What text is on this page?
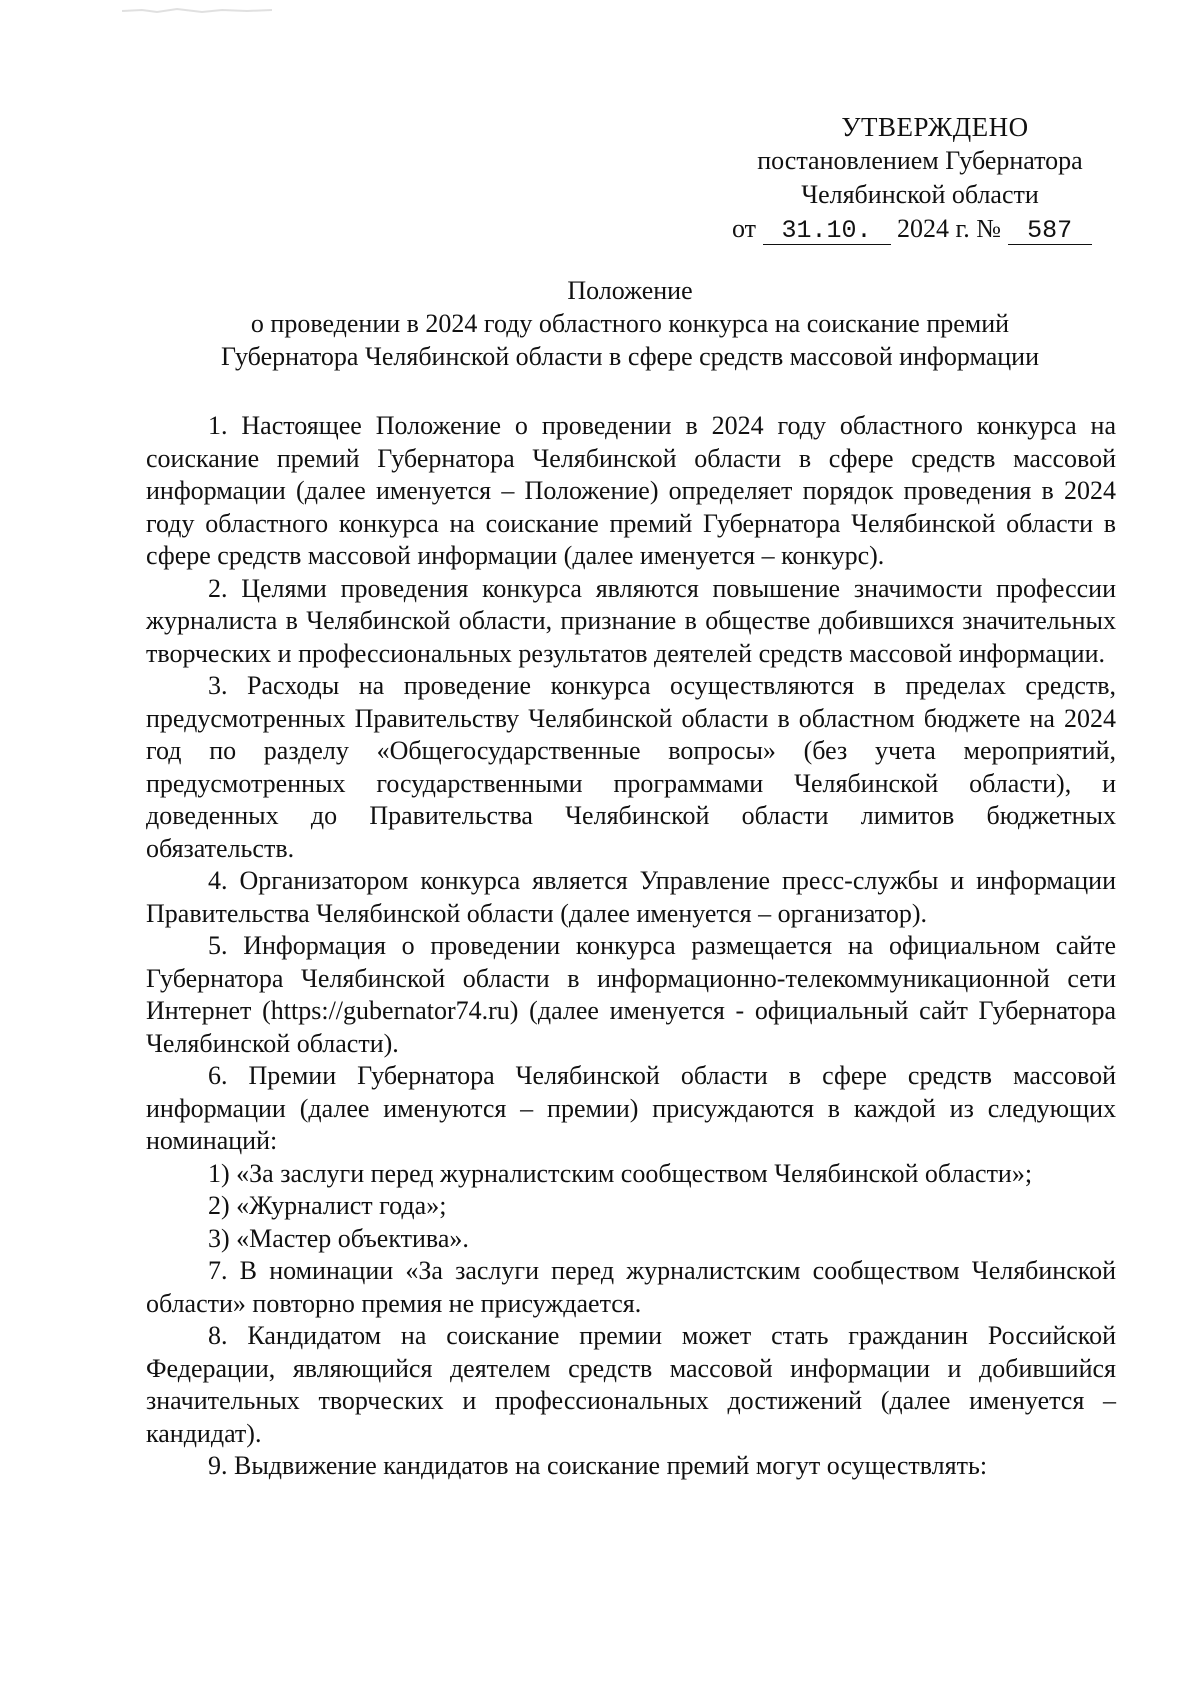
УТВЕРЖДЕНО
постановлением Губернатора
Челябинской области
от 31.10. 2024 г. № 587
Положение
о проведении в 2024 году областного конкурса на соискание премий
Губернатора Челябинской области в сфере средств массовой информации

1. Настоящее Положение о проведении в 2024 году областного конкурса на соискание премий Губернатора Челябинской области в сфере средств массовой информации (далее именуется – Положение) определяет порядок проведения в 2024 году областного конкурса на соискание премий Губернатора Челябинской области в сфере средств массовой информации (далее именуется – конкурс).

2. Целями проведения конкурса являются повышение значимости профессии журналиста в Челябинской области, признание в обществе добившихся значительных творческих и профессиональных результатов деятелей средств массовой информации.

3. Расходы на проведение конкурса осуществляются в пределах средств, предусмотренных Правительству Челябинской области в областном бюджете на 2024 год по разделу «Общегосударственные вопросы» (без учета мероприятий, предусмотренных государственными программами Челябинской области), и доведенных до Правительства Челябинской области лимитов бюджетных обязательств.

4. Организатором конкурса является Управление пресс-службы и информации Правительства Челябинской области (далее именуется – организатор).

5. Информация о проведении конкурса размещается на официальном сайте Губернатора Челябинской области в информационно-телекоммуникационной сети Интернет (https://gubernator74.ru) (далее именуется - официальный сайт Губернатора Челябинской области).

6. Премии Губернатора Челябинской области в сфере средств массовой информации (далее именуются – премии) присуждаются в каждой из следующих номинаций:

1) «За заслуги перед журналистским сообществом Челябинской области»;

2) «Журналист года»;

3) «Мастер объектива».

7. В номинации «За заслуги перед журналистским сообществом Челябинской области» повторно премия не присуждается.

8. Кандидатом на соискание премии может стать гражданин Российской Федерации, являющийся деятелем средств массовой информации и добившийся значительных творческих и профессиональных достижений (далее именуется – кандидат).

9. Выдвижение кандидатов на соискание премий могут осуществлять:
